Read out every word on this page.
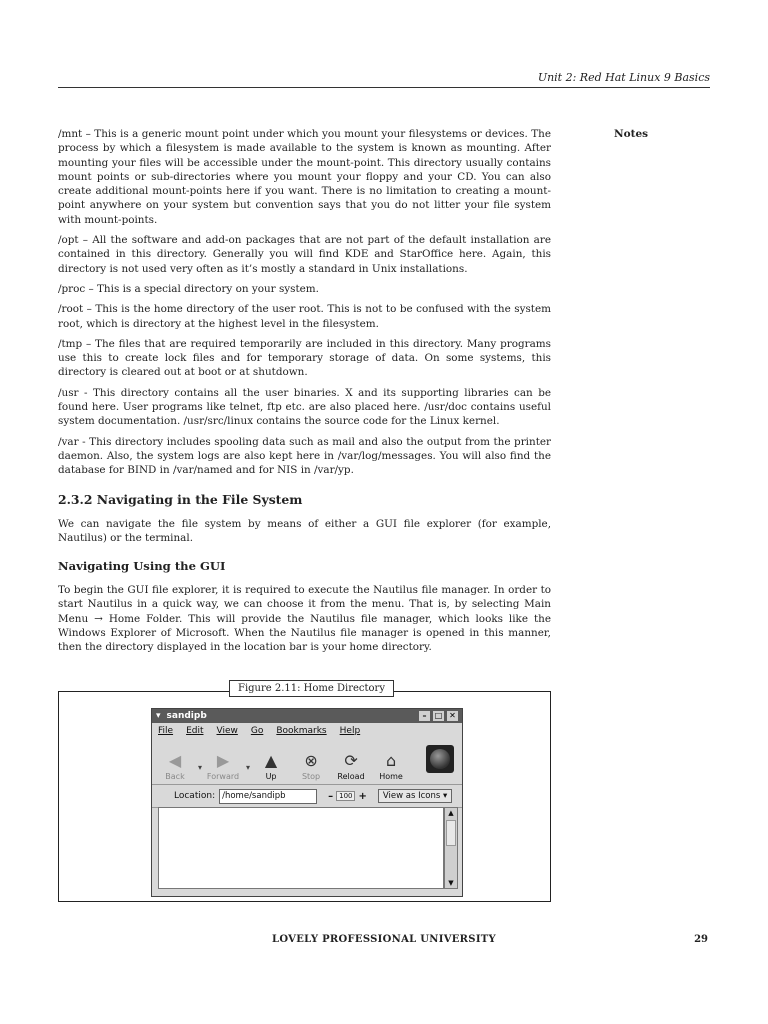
Unit 2: Red Hat Linux 9 Basics
Notes

/mnt – This is a generic mount point under which you mount your filesystems or devices. The process by which a filesystem is made available to the system is known as mounting. After mounting your files will be accessible under the mount-point. This directory usually contains mount points or sub-directories where you mount your floppy and your CD. You can also create additional mount-points here if you want. There is no limitation to creating a mount-point anywhere on your system but convention says that you do not litter your file system with mount-points.

/opt – All the software and add-on packages that are not part of the default installation are contained in this directory. Generally you will find KDE and StarOffice here. Again, this directory is not used very often as it’s mostly a standard in Unix installations.

/proc – This is a special directory on your system.

/root – This is the home directory of the user root. This is not to be confused with the system root, which is directory at the highest level in the filesystem.

/tmp – The files that are required temporarily are included in this directory. Many programs use this to create lock files and for temporary storage of data. On some systems, this directory is cleared out at boot or at shutdown.

/usr - This directory contains all the user binaries. X and its supporting libraries can be found here. User programs like telnet, ftp etc. are also placed here. /usr/doc contains useful system documentation. /usr/src/linux contains the source code for the Linux kernel.

/var - This directory includes spooling data such as mail and also the output from the printer daemon. Also, the system logs are also kept here in /var/log/messages. You will also find the database for BIND in /var/named and for NIS in /var/yp.

2.3.2 Navigating in the File System

We can navigate the file system by means of either a GUI file explorer (for example, Nautilus) or the terminal.

Navigating Using the GUI

To begin the GUI file explorer, it is required to execute the Nautilus file manager. In order to start Nautilus in a quick way, we can choose it from the menu. That is, by selecting Main Menu → Home Folder. This will provide the Nautilus file manager, which looks like the Windows Explorer of Microsoft. When the Nautilus file manager is opened in this manner, then the directory displayed in the location bar is your home directory.

Figure 2.11: Home Directory
▾ sandipb	–	□ ✕
File Edit View Go Bookmarks Help
◀
Back
▾ ▶
Forward
▾ ▲
Up
⊗
Stop
⟳
Reload
⌂
Home
Location: /home/sandipb	– 100 +	View as Icons ▾
▲
▼
LOVELY PROFESSIONAL UNIVERSITY	29
